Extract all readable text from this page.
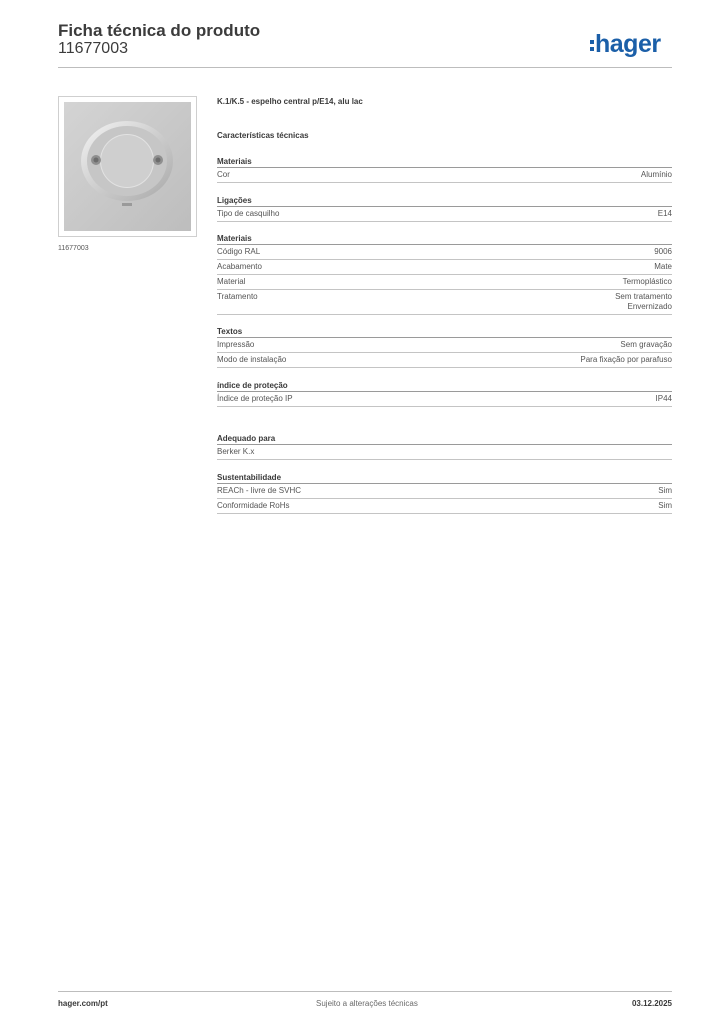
Ficha técnica do produto
11677003	hager
11677003
K.1/K.5 - espelho central p/E14, alu lac
Características técnicas
Materiais
Cor	Alumínio
Ligações
Tipo de casquilho	E14
Materiais
Código RAL	9006
Acabamento	Mate
Material	Termoplástico
Tratamento	Sem tratamento
Envernizado
Textos
Impressão	Sem gravação
Modo de instalação	Para fixação por parafuso
índice de proteção
Índice de proteção IP	IP44
Adequado para
Berker K.x
Sustentabilidade
REACh - livre de SVHC	Sim
Conformidade RoHs	Sim
hager.com/pt	Sujeito a alterações técnicas	03.12.2025
